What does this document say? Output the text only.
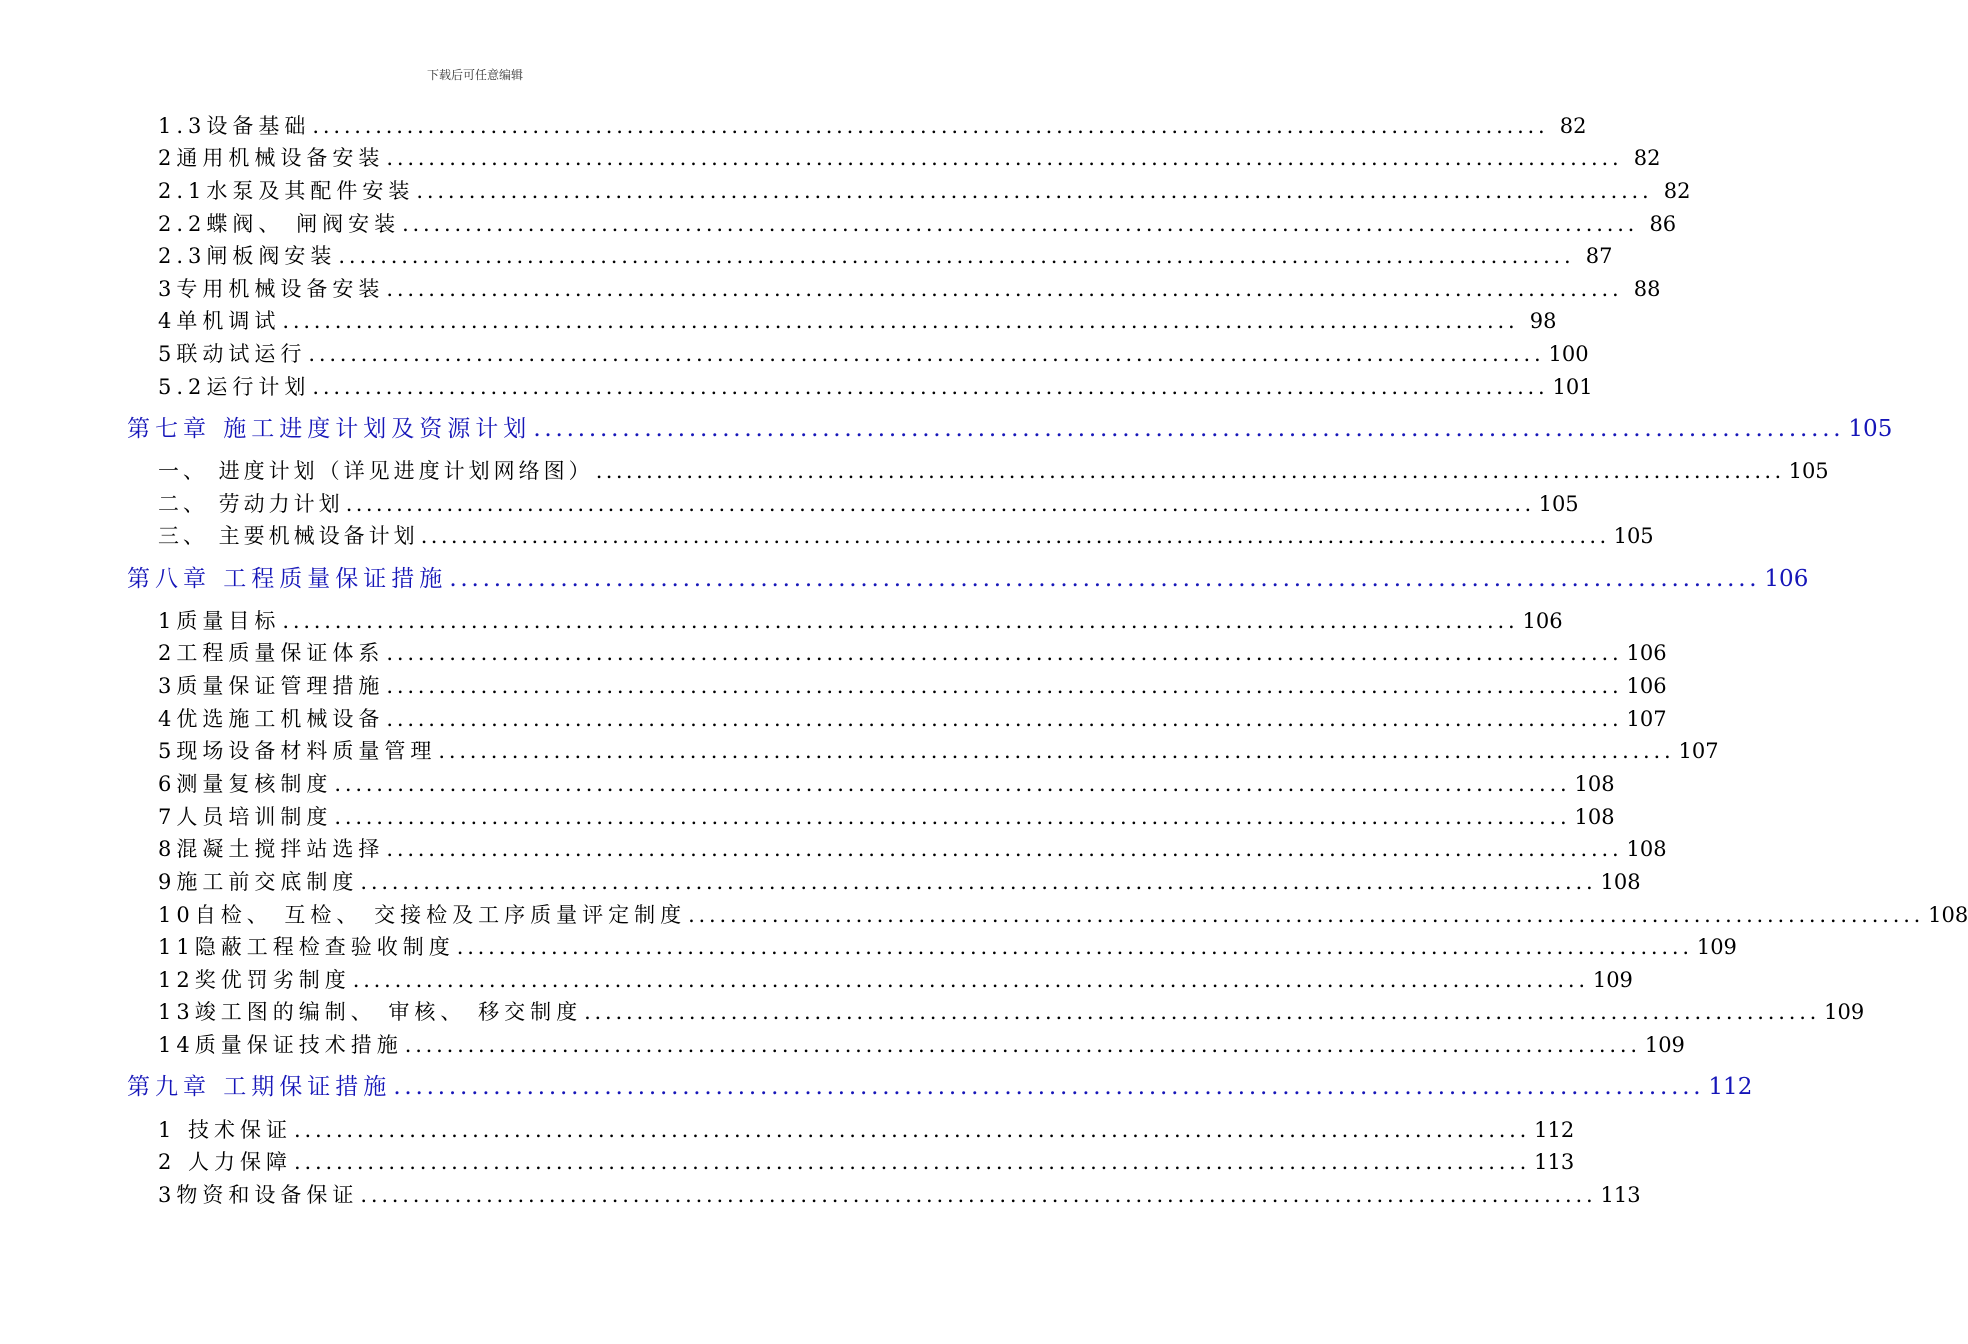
下载后可任意编辑
1.3设备基础 ...................................................................................................................... 82
2通用机械设备安装 ...................................................................................................................... 82
2.1水泵及其配件安装 ...................................................................................................................... 82
2.2蝶阀、 闸阀安装 ...................................................................................................................... 86
2.3闸板阀安装 ...................................................................................................................... 87
3专用机械设备安装 ...................................................................................................................... 88
4单机调试 ...................................................................................................................... 98
5联动试运行 ...................................................................................................................... 100
5.2运行计划 ...................................................................................................................... 101
第七章 施工进度计划及资源计划 ...................................................................................................................... 105
一、 进度计划（详见进度计划网络图） ...................................................................................................................... 105
二、 劳动力计划 ...................................................................................................................... 105
三、 主要机械设备计划 ...................................................................................................................... 105
第八章 工程质量保证措施 ...................................................................................................................... 106
1质量目标 ...................................................................................................................... 106
2工程质量保证体系 ...................................................................................................................... 106
3质量保证管理措施 ...................................................................................................................... 106
4优选施工机械设备 ...................................................................................................................... 107
5现场设备材料质量管理 ...................................................................................................................... 107
6测量复核制度 ...................................................................................................................... 108
7人员培训制度 ...................................................................................................................... 108
8混凝土搅拌站选择 ...................................................................................................................... 108
9施工前交底制度 ...................................................................................................................... 108
10自检、 互检、 交接检及工序质量评定制度 ...................................................................................................................... 108
11隐蔽工程检查验收制度 ...................................................................................................................... 109
12奖优罚劣制度 ...................................................................................................................... 109
13竣工图的编制、 审核、 移交制度 ...................................................................................................................... 109
14质量保证技术措施 ...................................................................................................................... 109
第九章 工期保证措施 ...................................................................................................................... 112
1 技术保证 ...................................................................................................................... 112
2 人力保障 ...................................................................................................................... 113
3物资和设备保证 ...................................................................................................................... 113
